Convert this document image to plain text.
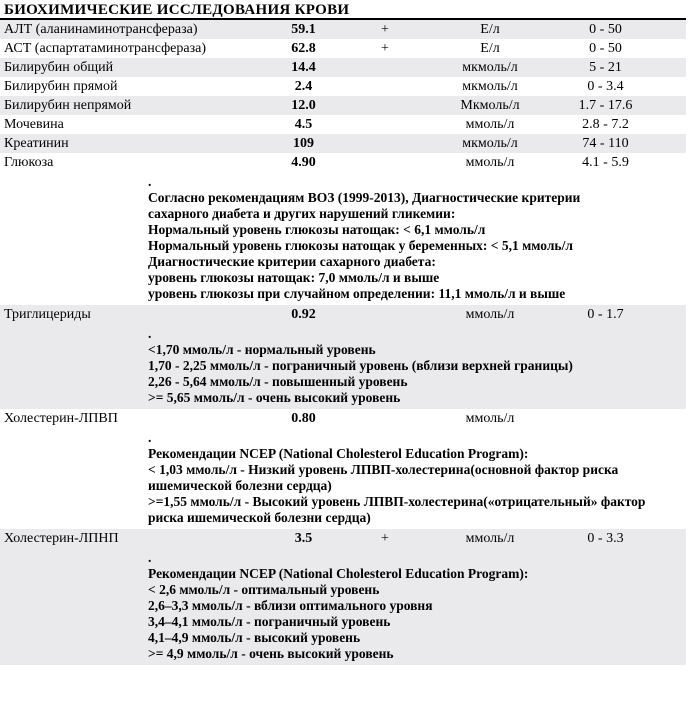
БИОХИМИЧЕСКИЕ ИССЛЕДОВАНИЯ КРОВИ
АЛТ (аланинаминотрансфераза)	59.1	+	Е/л	0 - 50
АСТ (аспартатаминотрансфераза)	62.8	+	Е/л	0 - 50
Билирубин общий	14.4	мкмоль/л	5 - 21
Билирубин прямой	2.4	мкмоль/л	0 - 3.4
Билирубин непрямой	12.0	Мкмоль/л	1.7 - 17.6
Мочевина	4.5	ммоль/л	2.8 - 7.2
Креатинин	109	мкмоль/л	74 - 110
Глюкоза	4.90	ммоль/л	4.1 - 5.9
.
Согласно рекомендациям ВОЗ (1999-2013), Диагностические критерии
сахарного диабета и других нарушений гликемии:
Нормальный уровень глюкозы натощак: < 6,1 ммоль/л
Нормальный уровень глюкозы натощак у беременных: < 5,1 ммоль/л
Диагностические критерии сахарного диабета:
уровень глюкозы натощак: 7,0 ммоль/л и выше
уровень глюкозы при случайном определении: 11,1 ммоль/л и выше
Триглицериды	0.92	ммоль/л	0 - 1.7
.
<1,70 ммоль/л - нормальный уровень
1,70 - 2,25 ммоль/л - пограничный уровень (вблизи верхней границы)
2,26 - 5,64 ммоль/л - повышенный уровень
>= 5,65 ммоль/л - очень высокий уровень
Холестерин-ЛПВП	0.80	ммоль/л
.
Рекомендации NCEP (National Cholesterol Education Program):
< 1,03 ммоль/л - Низкий уровень ЛПВП-холестерина(основной фактор риска
ишемической болезни сердца)
>=1,55 ммоль/л - Высокий уровень ЛПВП-холестерина(«отрицательный» фактор
риска ишемической болезни сердца)
Холестерин-ЛПНП	3.5	+	ммоль/л	0 - 3.3
.
Рекомендации NCEP (National Cholesterol Education Program):
< 2,6 ммоль/л - оптимальный уровень
2,6–3,3 ммоль/л - вблизи оптимального уровня
3,4–4,1 ммоль/л - пограничный уровень
4,1–4,9 ммоль/л - высокий уровень
>= 4,9 ммоль/л - очень высокий уровень
